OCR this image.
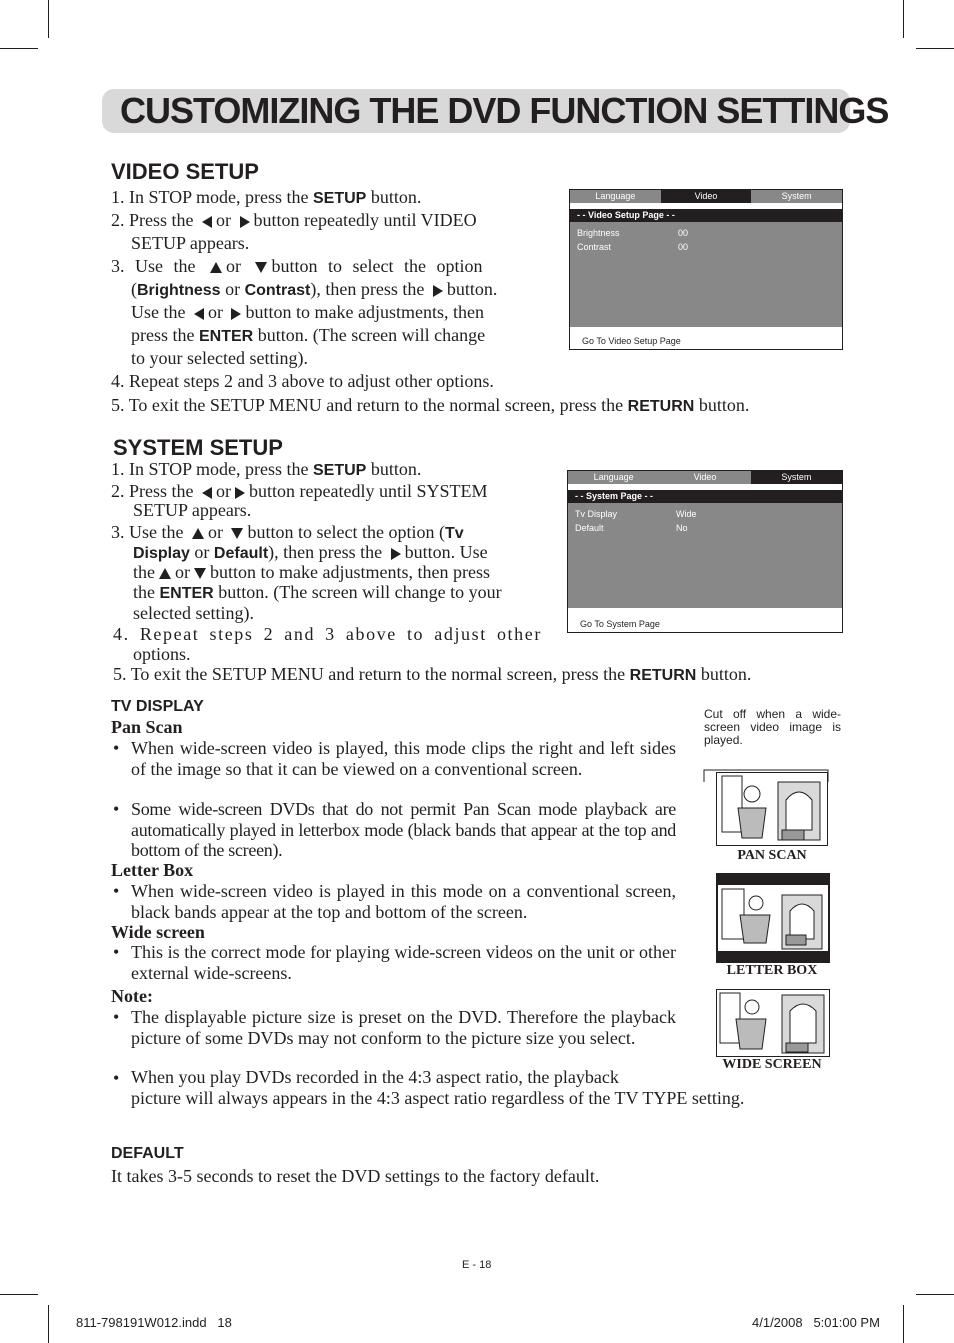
CUSTOMIZING THE DVD FUNCTION SETTINGS
VIDEO SETUP
1. In STOP mode, press the SETUP button.
2. Press the or button repeatedly until VIDEO
SETUP appears.
3. Use the or button to select the option
(Brightness or Contrast), then press the button.
Use the or button to make adjustments, then
press the ENTER button. (The screen will change
to your selected setting).
4. Repeat steps 2 and 3 above to adjust other options.
5. To exit the SETUP MENU and return to the normal screen, press the RETURN button.
Language	Video	System
- - Video Setup Page - -
Brightness	00
Contrast	00
Go To Video Setup Page
SYSTEM SETUP
1. In STOP mode, press the SETUP button.
2. Press the or button repeatedly until SYSTEM
SETUP appears.
3. Use the or button to select the option (Tv
Display or Default), then press the button. Use
the or button to make adjustments, then press
the ENTER button. (The screen will change to your
selected setting).
4. Repeat steps 2 and 3 above to adjust other
options.
5. To exit the SETUP MENU and return to the normal screen, press the RETURN button.
Language	Video	System
- - System Page - -
Tv Display	Wide
Default	No
Go To System Page
TV DISPLAY
Pan Scan
• When wide-screen video is played, this mode clips the right and left sides of the image so that it can be viewed on a conventional screen.
• Some wide-screen DVDs that do not permit Pan Scan mode playback are automatically played in letterbox mode (black bands that appear at the top and bottom of the screen).
Letter Box
• When wide-screen video is played in this mode on a conventional screen, black bands appear at the top and bottom of the screen.
Wide screen
• This is the correct mode for playing wide-screen videos on the unit or other external wide-screens.
Note:
• The displayable picture size is preset on the DVD. Therefore the playback picture of some DVDs may not conform to the picture size you select.
• When you play DVDs recorded in the 4:3 aspect ratio, the playback
picture will always appears in the 4:3 aspect ratio regardless of the TV TYPE setting.
Cut off when a wide-screen video image is played.
PAN SCAN
LETTER BOX
WIDE SCREEN
DEFAULT
It takes 3-5 seconds to reset the DVD settings to the factory default.
E - 18
811-798191W012.indd   18	4/1/2008   5:01:00 PM
